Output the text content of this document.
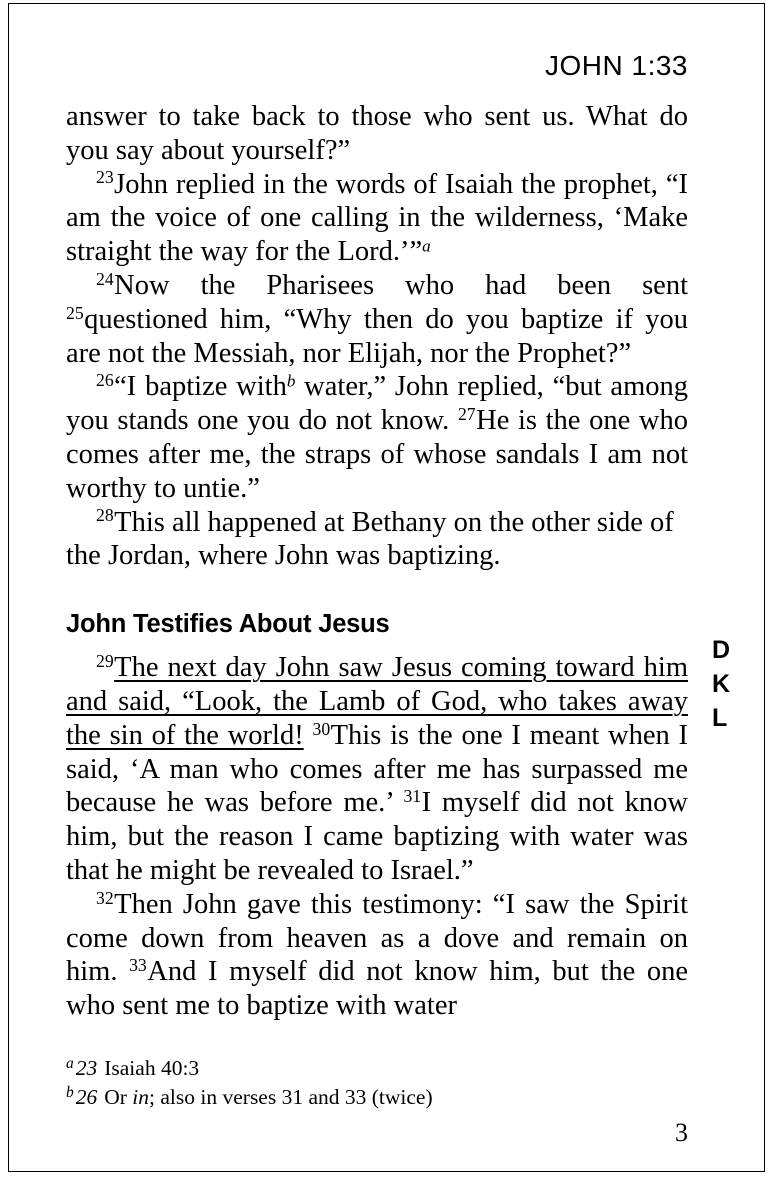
JOHN 1:33

answer to take back to those who sent us. What do you say about yourself?”

$^{23}$John replied in the words of Isaiah the prophet, “I am the voice of one calling in the wilderness, ‘Make straight the way for the Lord.’”$^a$

$^{24}$Now the Pharisees who had been sent $^{25}$questioned him, “Why then do you baptize if you are not the Messiah, nor Elijah, nor the Prophet?”

$^{26}$“I baptize with$^b$ water,” John replied, “but among you stands one you do not know. $^{27}$He is the one who comes after me, the straps of whose sandals I am not worthy to untie.”

$^{28}$This all happened at Bethany on the other side of the Jordan, where John was baptizing.

John Testifies About Jesus

$^{29}$The next day John saw Jesus coming toward him and said, “Look, the Lamb of God, who takes away the sin of the world! $^{30}$This is the one I meant when I said, ‘A man who comes after me has surpassed me because he was before me.’ $^{31}$I myself did not know him, but the reason I came baptizing with water was that he might be revealed to Israel.”

$^{32}$Then John gave this testimony: “I saw the Spirit come down from heaven as a dove and remain on him. $^{33}$And I myself did not know him, but the one who sent me to baptize with water

$^a$23 Isaiah 40:3

$^b$26 Or in; also in verses 31 and 33 (twice)

3
D
K
L
